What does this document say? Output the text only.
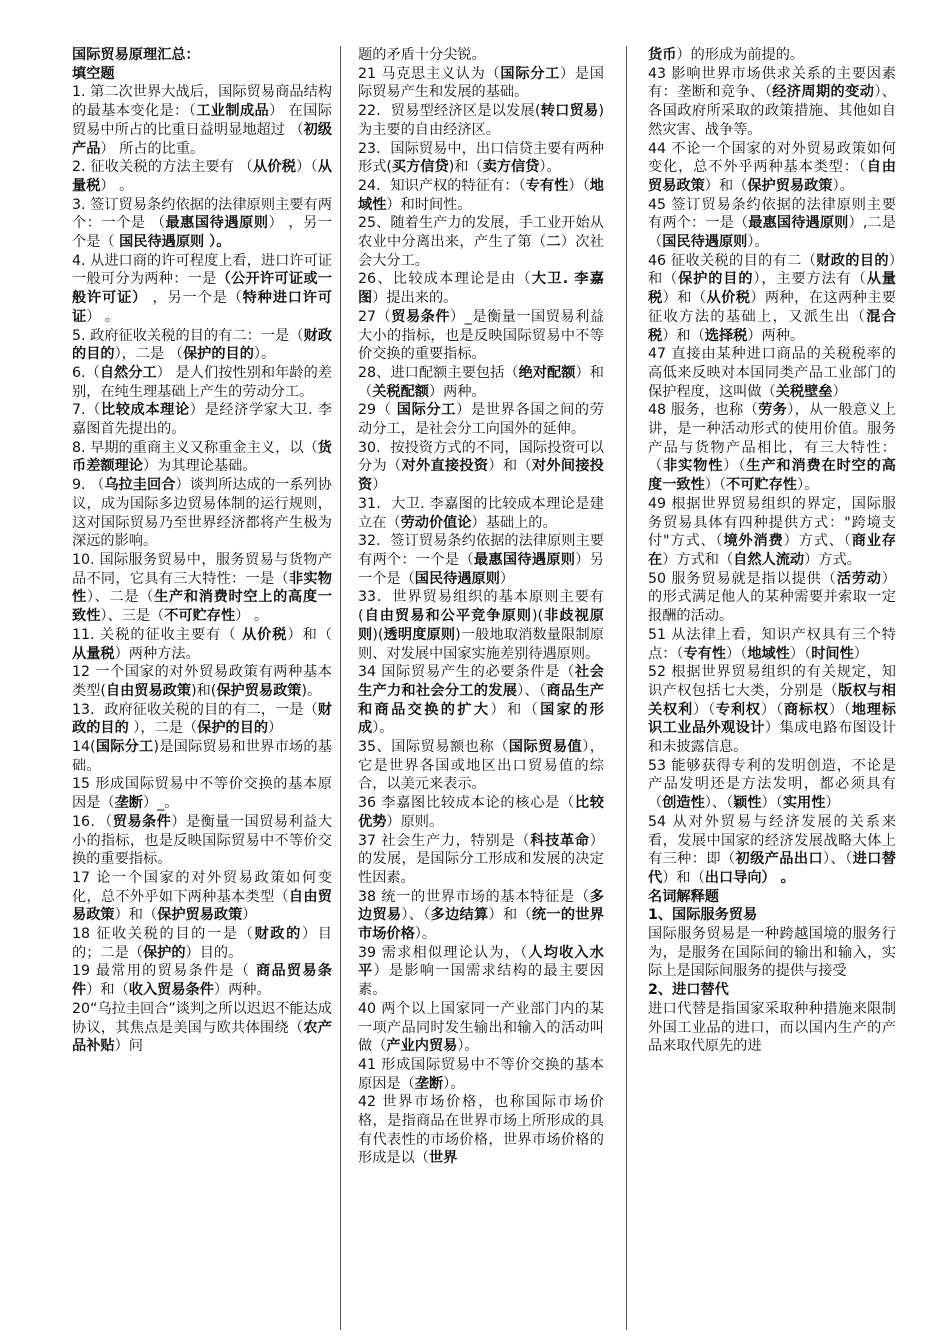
国际贸易原理汇总：
填空题
1. 第二次世界大战后，国际贸易商品结构的最基本变化是：（工业制成品） 在国际贸易中所占的比重日益明显地超过 （初级产品） 所占的比重。
2. 征收关税的方法主要有 （从价税）（从量税） 。
3. 签订贸易条约依据的法律原则主要有两个：一个是 （最惠国待遇原则） ，另一个是（ 国民待遇原则 ）。
4. 从进口商的许可程度上看，进口许可证一般可分为两种：一是（公开许可证或一般许可证） ，另一个是（特种进口许可证） 。
5. 政府征收关税的目的有二：一是（财政的目的），二是 （保护的目的）。
6.（自然分工） 是人们按性别和年龄的差别，在纯生理基础上产生的劳动分工。
7.（比较成本理论）是经济学家大卫. 李嘉图首先提出的。
8. 早期的重商主义又称重金主义，以（货币差额理论）为其理论基础。
9. （乌拉圭回合）谈判所达成的一系列协议，成为国际多边贸易体制的运行规则，这对国际贸易乃至世界经济都将产生极为深远的影响。
10. 国际服务贸易中，服务贸易与货物产品不同，它具有三大特性：一是（非实物性）、二是（生产和消费时空上的高度一致性）、三是（不可贮存性） 。
11. 关税的征收主要有（ 从价税）和（ 从量税）两种方法。
12 一个国家的对外贸易政策有两种基本类型(自由贸易政策)和(保护贸易政策)。
13．政府征收关税的目的有二，一是（财政的目的 ），二是（保护的目的）
14(国际分工)是国际贸易和世界市场的基础。
15 形成国际贸易中不等价交换的基本原因是（垄断）_。
16．（贸易条件）是衡量一国贸易利益大小的指标，也是反映国际贸易中不等价交换的重要指标。
17 论一个国家的对外贸易政策如何变化，总不外乎如下两种基本类型（自由贸易政策）和（保护贸易政策）
18 征收关税的目的一是（财政的）目的；二是（保护的）目的。
19 最常用的贸易条件是（ 商品贸易条件）和（收入贸易条件）两种。
20“乌拉圭回合”谈判之所以迟迟不能达成协议，其焦点是美国与欧共体围绕（农产品补贴）问
题的矛盾十分尖锐。
21 马克思主义认为（国际分工）是国际贸易产生和发展的基础。
22．贸易型经济区是以发展(转口贸易)为主要的自由经济区。
23．国际贸易中，出口信贷主要有两种形式(买方信贷)和（卖方信贷）。
24．知识产权的特征有：（专有性）（地域性）和时间性。
25、随着生产力的发展，手工业开始从农业中分离出来，产生了第（二）次社会大分工。
26、比较成本理论是由（大卫. 李嘉图）提出来的。
27（贸易条件）_是衡量一国贸易利益大小的指标，也是反映国际贸易中不等价交换的重要指标。
28、进口配额主要包括（绝对配额）和（关税配额）两种。
29（ 国际分工）是世界各国之间的劳动分工，是社会分工向国外的延伸。
30．按投资方式的不同，国际投资可以分为（对外直接投资）和（对外间接投资）
31．大卫. 李嘉图的比较成本理论是建立在（劳动价值论）基础上的。
32．签订贸易条约依据的法律原则主要有两个：一个是（最惠国待遇原则）另一个是（国民待遇原则）
33．世界贸易组织的基本原则主要有(自由贸易和公平竞争原则)(非歧视原则)(透明度原则)一般地取消数量限制原则、对发展中国家实施差别待遇原则。
34 国际贸易产生的必要条件是（社会生产力和社会分工的发展）、（商品生产和商品交换的扩大）和（国家的形成）。
35、国际贸易额也称（国际贸易值），它是世界各国或地区出口贸易值的综合，以美元来表示。
36 李嘉图比较成本论的核心是（比较优势）原则。
37 社会生产力，特别是（科技革命）的发展，是国际分工形成和发展的决定性因素。
38 统一的世界市场的基本特征是（多边贸易）、（多边结算）和（统一的世界市场价格）。
39 需求相似理论认为，（人均收入水平）是影响一国需求结构的最主要因素。
40 两个以上国家同一产业部门内的某一项产品同时发生输出和输入的活动叫做（产业内贸易）。
41 形成国际贸易中不等价交换的基本原因是（垄断）。
42 世界市场价格，也称国际市场价格，是指商品在世界市场上所形成的具有代表性的市场价格，世界市场价格的形成是以（世界
货币）的形成为前提的。
43 影响世界市场供求关系的主要因素有：垄断和竞争、（经济周期的变动）、各国政府所采取的政策措施、其他如自然灾害、战争等。
44 不论一个国家的对外贸易政策如何变化，总不外乎两种基本类型：（自由贸易政策）和（保护贸易政策）。
45 签订贸易条约依据的法律原则主要有两个：一是（最惠国待遇原则）,二是（国民待遇原则）。
46 征收关税的目的有二（财政的目的）和（保护的目的），主要方法有（从量税）和（从价税）两种，在这两种主要征收方法的基础上，又派生出（混合税）和（选择税）两种。
47 直接由某种进口商品的关税税率的高低来反映对本国同类产品工业部门的保护程度，这叫做（关税壁垒）
48 服务，也称（劳务），从一般意义上讲，是一种活动形式的使用价值。服务产品与货物产品相比，有三大特性：（非实物性）（生产和消费在时空的高度一致性）（不可贮存性）。
49 根据世界贸易组织的界定，国际服务贸易具体有四种提供方式："跨境支付"方式、（境外消费）方式、（商业存在）方式和（自然人流动）方式。
50 服务贸易就是指以提供（活劳动）的形式满足他人的某种需要并索取一定报酬的活动。
51 从法律上看，知识产权具有三个特点：（专有性）（地域性）（时间性）
52 根据世界贸易组织的有关规定，知识产权包括七大类，分别是（版权与相关权利）（专利权）（商标权）（地理标识工业品外观设计）集成电路布图设计和未披露信息。
53 能够获得专利的发明创造，不论是产品发明还是方法发明，都必须具有（创造性）、（颖性）（实用性）
54 从对外贸易与经济发展的关系来看，发展中国家的经济发展战略大体上有三种：即（初级产品出口）、（进口替代）和（出口导向） 。
名词解释题
1、国际服务贸易
国际服务贸易是一种跨越国境的服务行为，是服务在国际间的输出和输入，实际上是国际间服务的提供与接受
2、进口替代
进口代替是指国家采取种种措施来限制外国工业品的进口，而以国内生产的产品来取代原先的进
